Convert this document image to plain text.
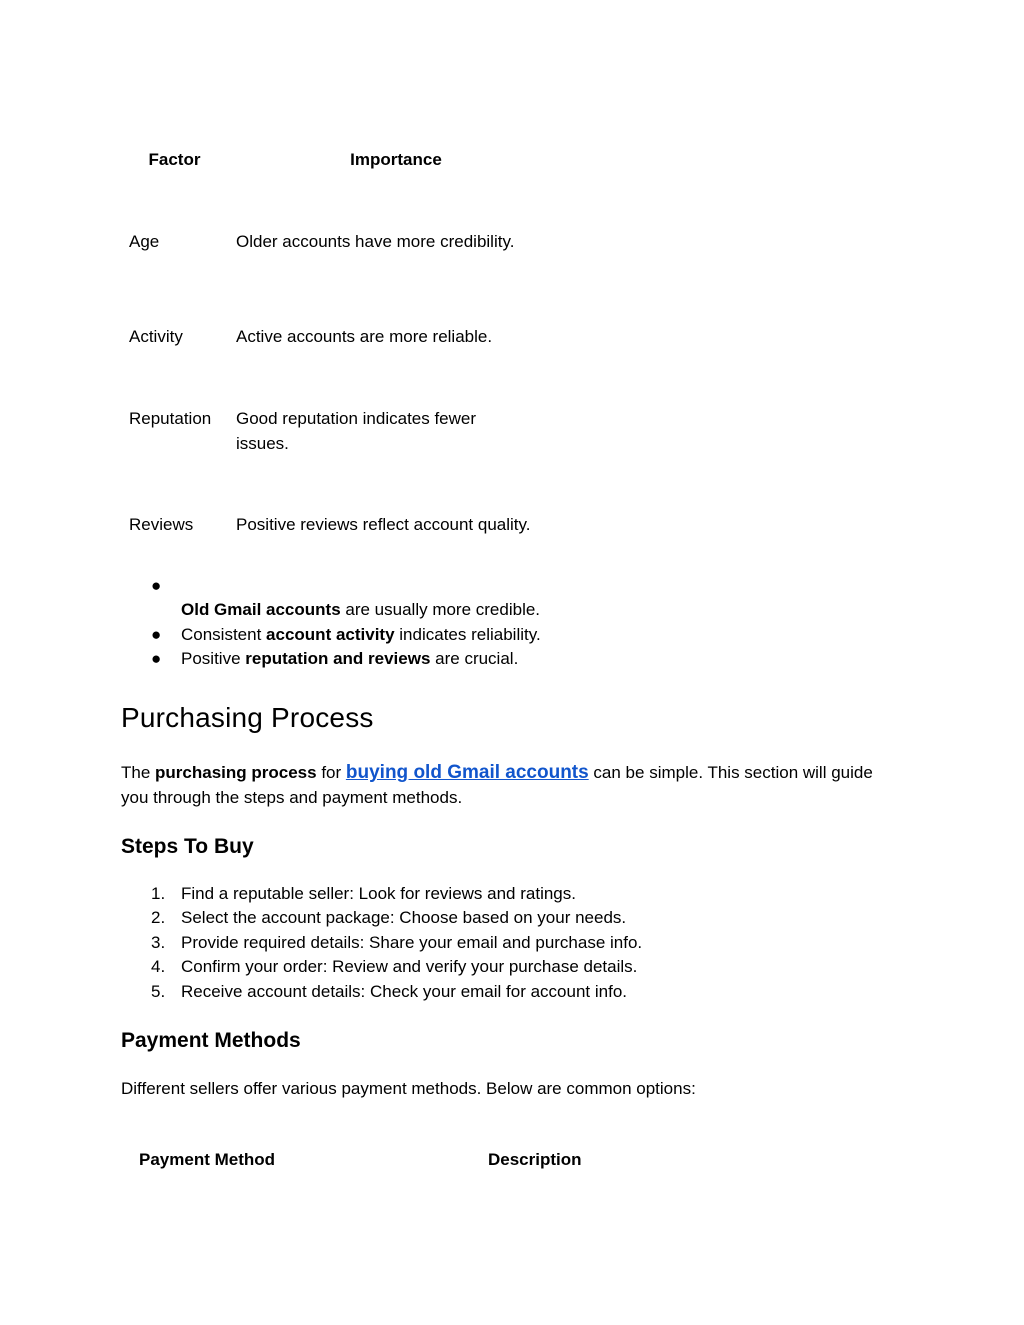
Factor	Importance
Age	Older accounts have more credibility.
Activity	Active accounts are more reliable.
Reputation	Good reputation indicates fewer issues.

Reviews	Positive reviews reflect account quality.
●
Old Gmail accounts are usually more credible.
● Consistent account activity indicates reliability.
● Positive reputation and reviews are crucial.
Purchasing Process

The purchasing process for buying old Gmail accounts can be simple. This section will guide you through the steps and payment methods.

Steps To Buy
1. Find a reputable seller: Look for reviews and ratings.
2. Select the account package: Choose based on your needs.
3. Provide required details: Share your email and purchase info.
4. Confirm your order: Review and verify your purchase details.
5. Receive account details: Check your email for account info.
Payment Methods

Different sellers offer various payment methods. Below are common options:

Payment Method	Description
